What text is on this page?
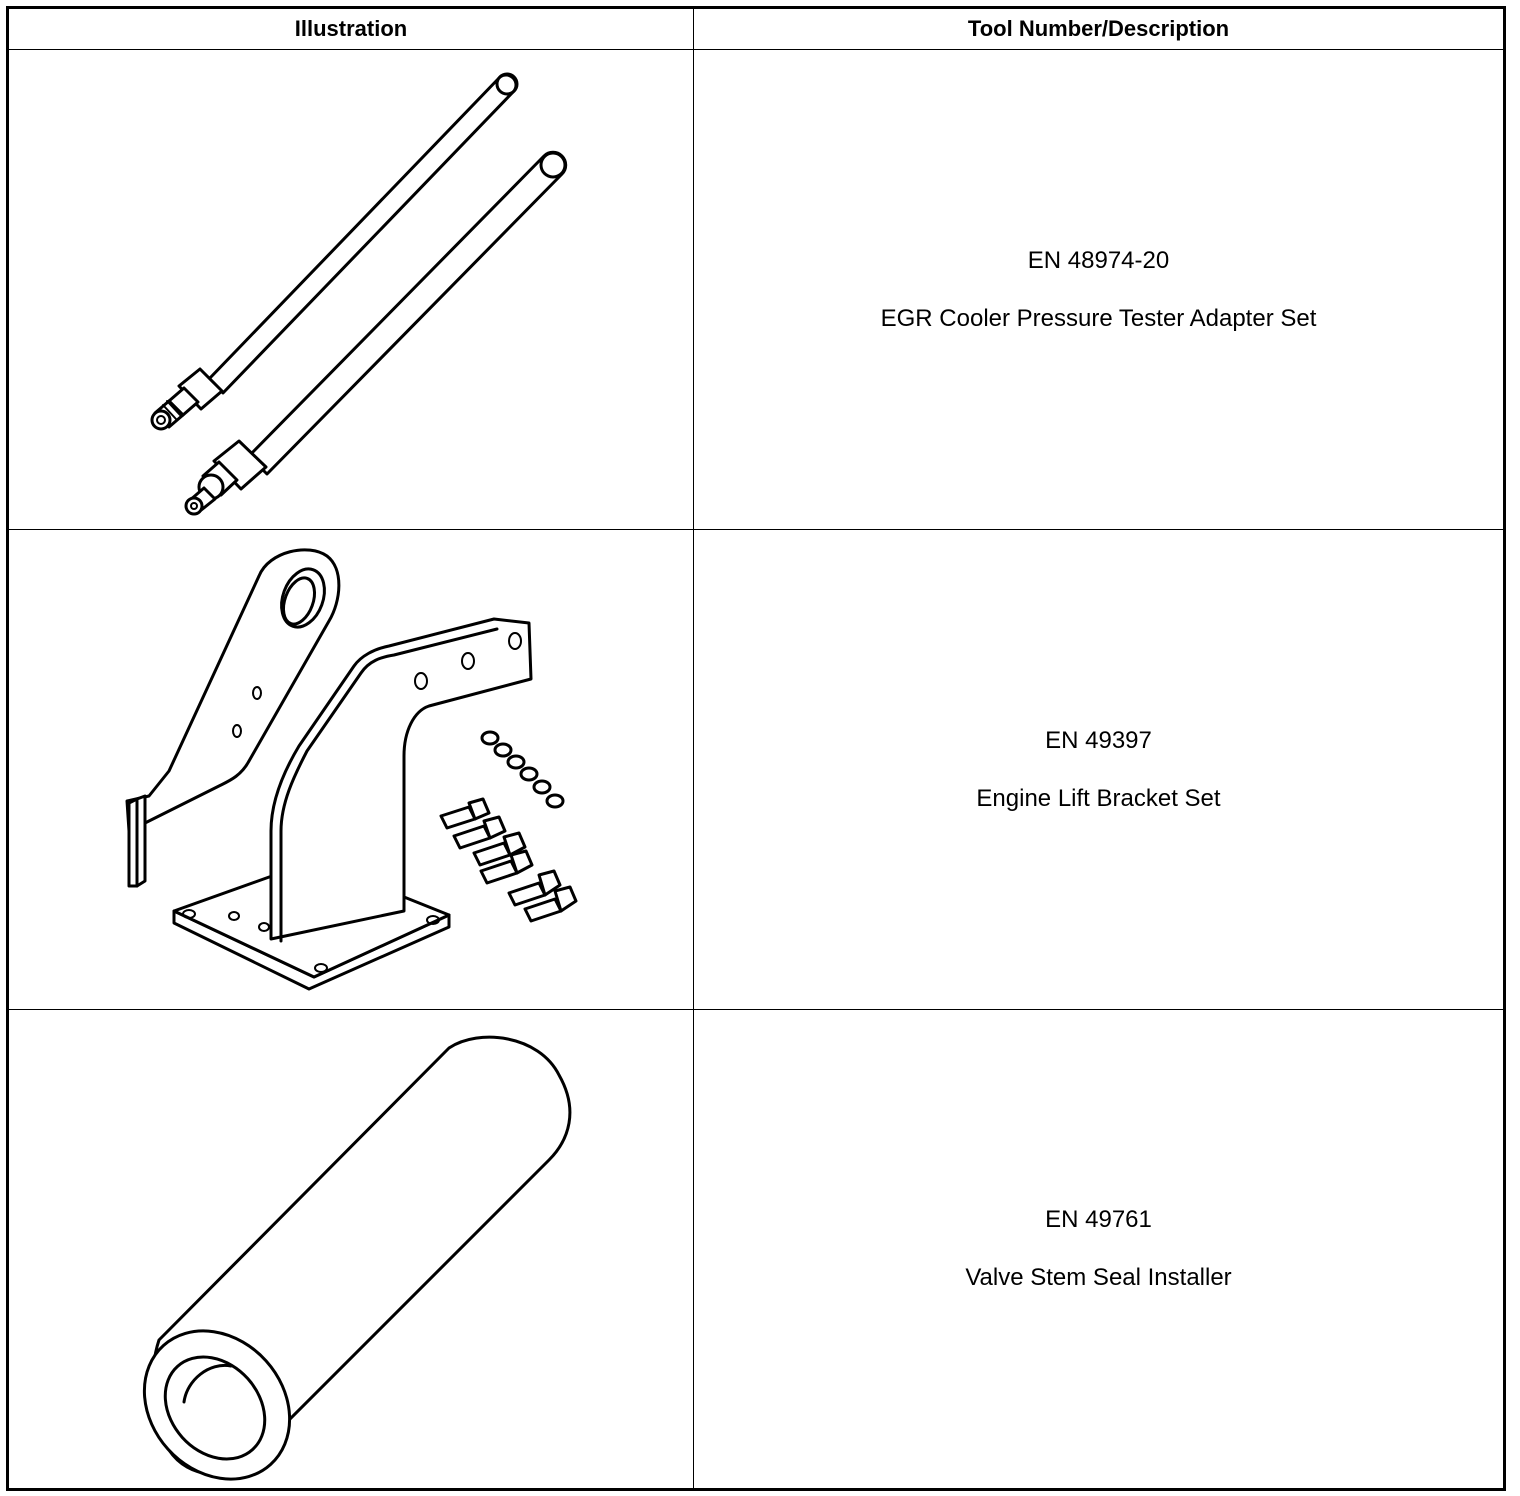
Illustration	Tool Number/Description

EN 48974-20

EGR Cooler Pressure Tester Adapter Set

EN 49397

Engine Lift Bracket Set

EN 49761

Valve Stem Seal Installer
